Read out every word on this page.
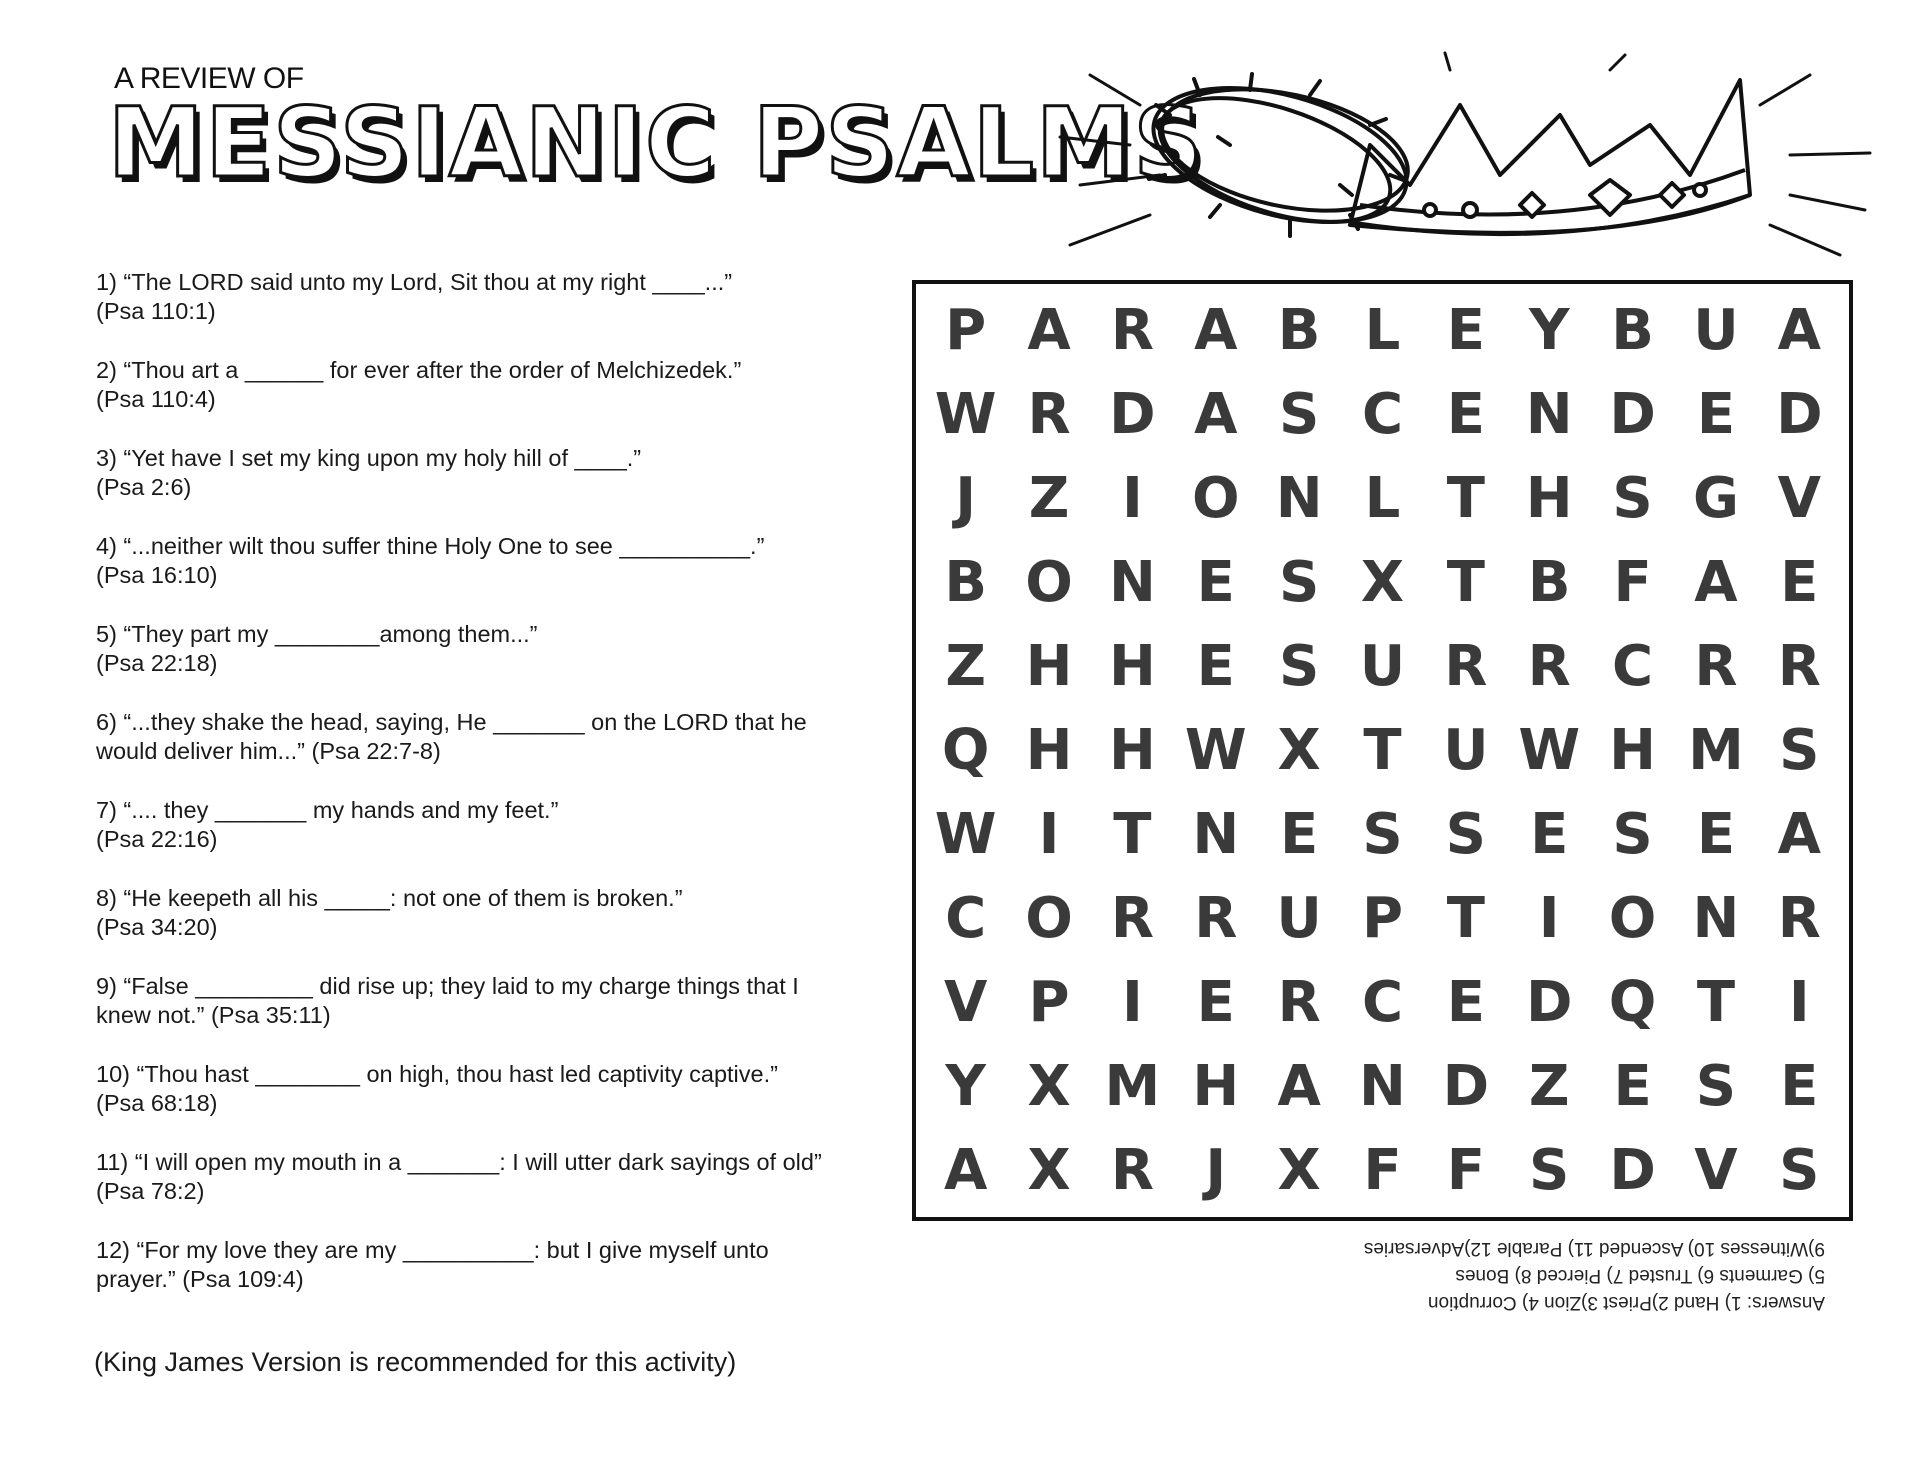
A REVIEW OF
MESSIANIC PSALMS
1) “The LORD said unto my Lord, Sit thou at my right ____...”
(Psa 110:1)
2) “Thou art a ______ for ever after the order of Melchizedek.”
(Psa 110:4)
3) “Yet have I set my king upon my holy hill of ____.”
(Psa 2:6)
4) “...neither wilt thou suffer thine Holy One to see __________.”
(Psa 16:10)
5) “They part my ________among them...”
(Psa 22:18)
6) “...they shake the head, saying, He _______ on the LORD that he
would deliver him...” (Psa 22:7-8)
7) “.... they _______ my hands and my feet.”
(Psa 22:16)
8) “He keepeth all his _____: not one of them is broken.”
(Psa 34:20)
9) “False _________ did rise up; they laid to my charge things that I
knew not.” (Psa 35:11)
10) “Thou hast ________ on high, thou hast led captivity captive.”
(Psa 68:18)
11) “I will open my mouth in a _______: I will utter dark sayings of old”
(Psa 78:2)
12) “For my love they are my __________: but I give myself unto
prayer.” (Psa 109:4)
(King James Version is recommended for this activity)
P A R A B L E Y B U A
W R D A S C E N D E D
J Z I O N L T H S G V
B O N E S X T B F A E
Z H H E S U R R C R R
Q H H W X T U W H M S
W I T N E S S E S E A
C O R R U P T I O N R
V P I E R C E D Q T I
Y X M H A N D Z E S E
A X R J X F F S D V S
Answers: 1) Hand 2)Priest 3)Zion 4) Corruption
5) Garments 6) Trusted 7) Pierced 8) Bones
9)Witnesses 10) Ascended 11) Parable 12)Adversaries
